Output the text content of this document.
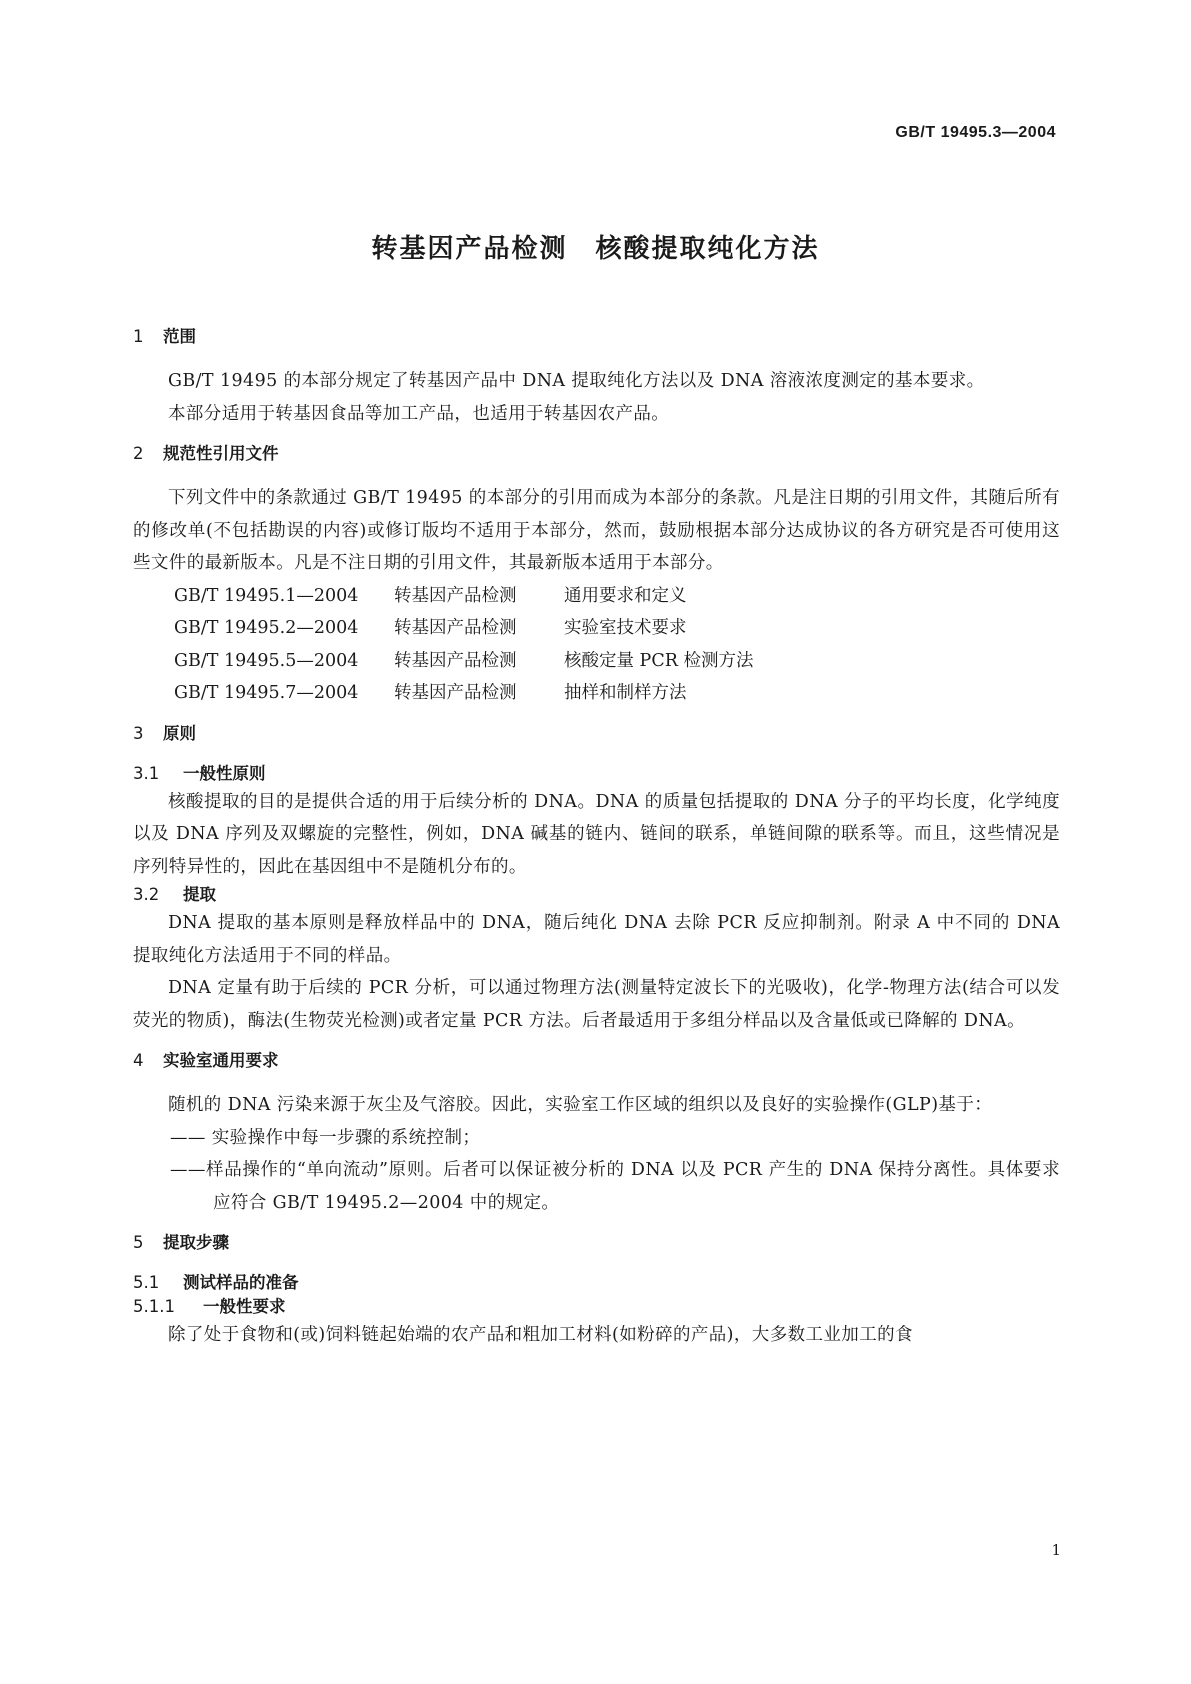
GB/T 19495.3—2004
转基因产品检测　核酸提取纯化方法
1	范围
GB/T 19495 的本部分规定了转基因产品中 DNA 提取纯化方法以及 DNA 溶液浓度测定的基本要求。
本部分适用于转基因食品等加工产品，也适用于转基因农产品。
2	规范性引用文件
下列文件中的条款通过 GB/T 19495 的本部分的引用而成为本部分的条款。凡是注日期的引用文件，其随后所有的修改单(不包括勘误的内容)或修订版均不适用于本部分，然而，鼓励根据本部分达成协议的各方研究是否可使用这些文件的最新版本。凡是不注日期的引用文件，其最新版本适用于本部分。
GB/T 19495.1—2004	转基因产品检测	通用要求和定义
GB/T 19495.2—2004	转基因产品检测	实验室技术要求
GB/T 19495.5—2004	转基因产品检测	核酸定量 PCR 检测方法
GB/T 19495.7—2004	转基因产品检测	抽样和制样方法
3	原则
3.1	一般性原则
核酸提取的目的是提供合适的用于后续分析的 DNA。DNA 的质量包括提取的 DNA 分子的平均长度，化学纯度以及 DNA 序列及双螺旋的完整性，例如，DNA 碱基的链内、链间的联系，单链间隙的联系等。而且，这些情况是序列特异性的，因此在基因组中不是随机分布的。
3.2	提取
DNA 提取的基本原则是释放样品中的 DNA，随后纯化 DNA 去除 PCR 反应抑制剂。附录 A 中不同的 DNA 提取纯化方法适用于不同的样品。
DNA 定量有助于后续的 PCR 分析，可以通过物理方法(测量特定波长下的光吸收)，化学-物理方法(结合可以发荧光的物质)，酶法(生物荧光检测)或者定量 PCR 方法。后者最适用于多组分样品以及含量低或已降解的 DNA。
4	实验室通用要求
随机的 DNA 污染来源于灰尘及气溶胶。因此，实验室工作区域的组织以及良好的实验操作(GLP)基于：
—— 实验操作中每一步骤的系统控制；
——样品操作的“单向流动”原则。后者可以保证被分析的 DNA 以及 PCR 产生的 DNA 保持分离性。具体要求应符合 GB/T 19495.2—2004 中的规定。
5	提取步骤
5.1	测试样品的准备
5.1.1	一般性要求
除了处于食物和(或)饲料链起始端的农产品和粗加工材料(如粉碎的产品)，大多数工业加工的食
1
